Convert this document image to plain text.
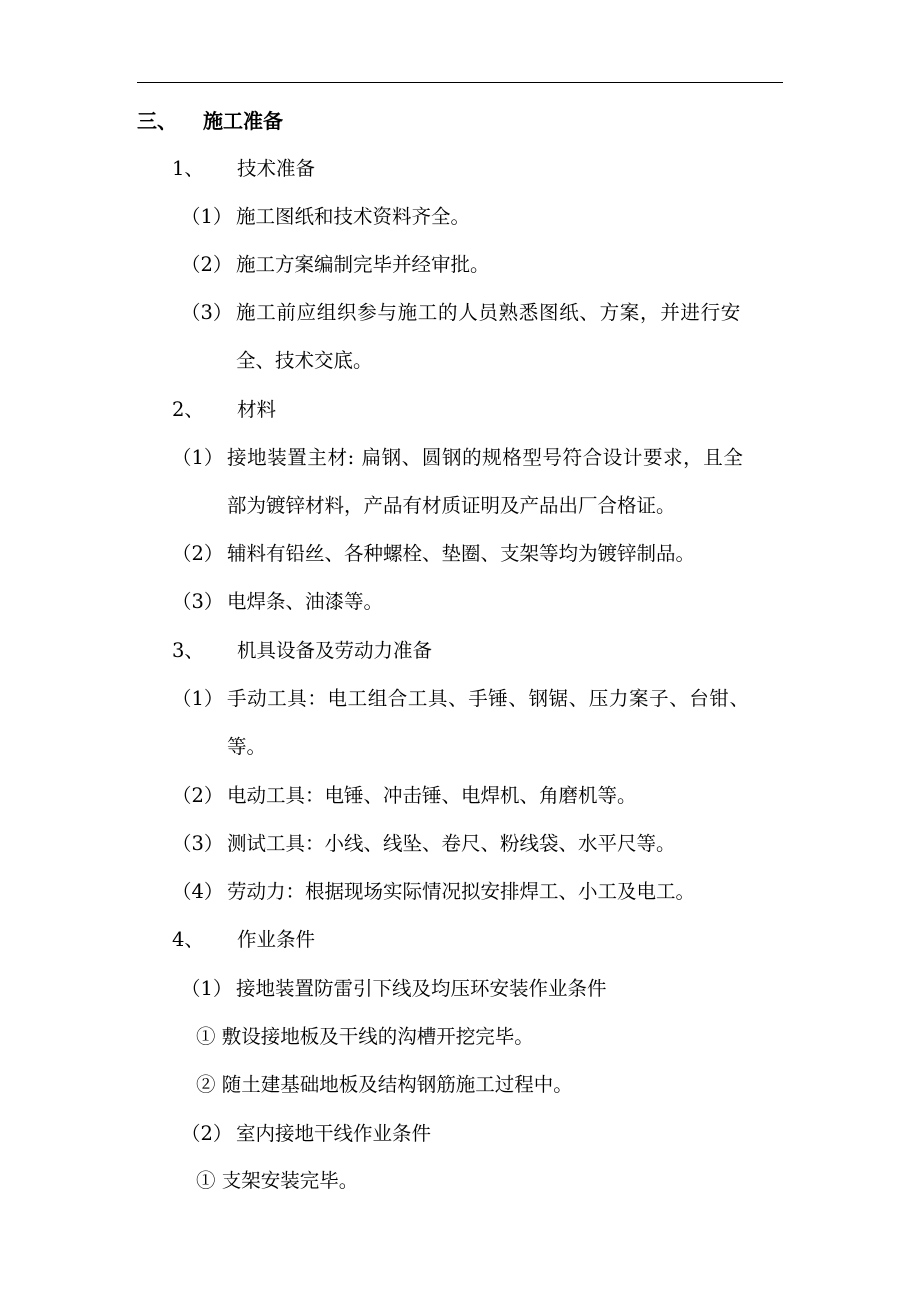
三、 施工准备
1、 技术准备
（1） 施工图纸和技术资料齐全。
（2） 施工方案编制完毕并经审批。
（3） 施工前应组织参与施工的人员熟悉图纸、方案，并进行安
全、技术交底。
2、 材料
（1） 接地装置主材: 扁钢、圆钢的规格型号符合设计要求，且全
部为镀锌材料，产品有材质证明及产品出厂合格证。
（2） 辅料有铅丝、各种螺栓、垫圈、支架等均为镀锌制品。
（3） 电焊条、油漆等。
3、 机具设备及劳动力准备
（1） 手动工具：电工组合工具、手锤、钢锯、压力案子、台钳、
等。
（2） 电动工具：电锤、冲击锤、电焊机、角磨机等。
（3） 测试工具：小线、线坠、卷尺、粉线袋、水平尺等。
（4） 劳动力：根据现场实际情况拟安排焊工、小工及电工。
4、 作业条件
（1） 接地装置防雷引下线及均压环安装作业条件
① 敷设接地板及干线的沟槽开挖完毕。
② 随土建基础地板及结构钢筋施工过程中。
（2） 室内接地干线作业条件
① 支架安装完毕。
